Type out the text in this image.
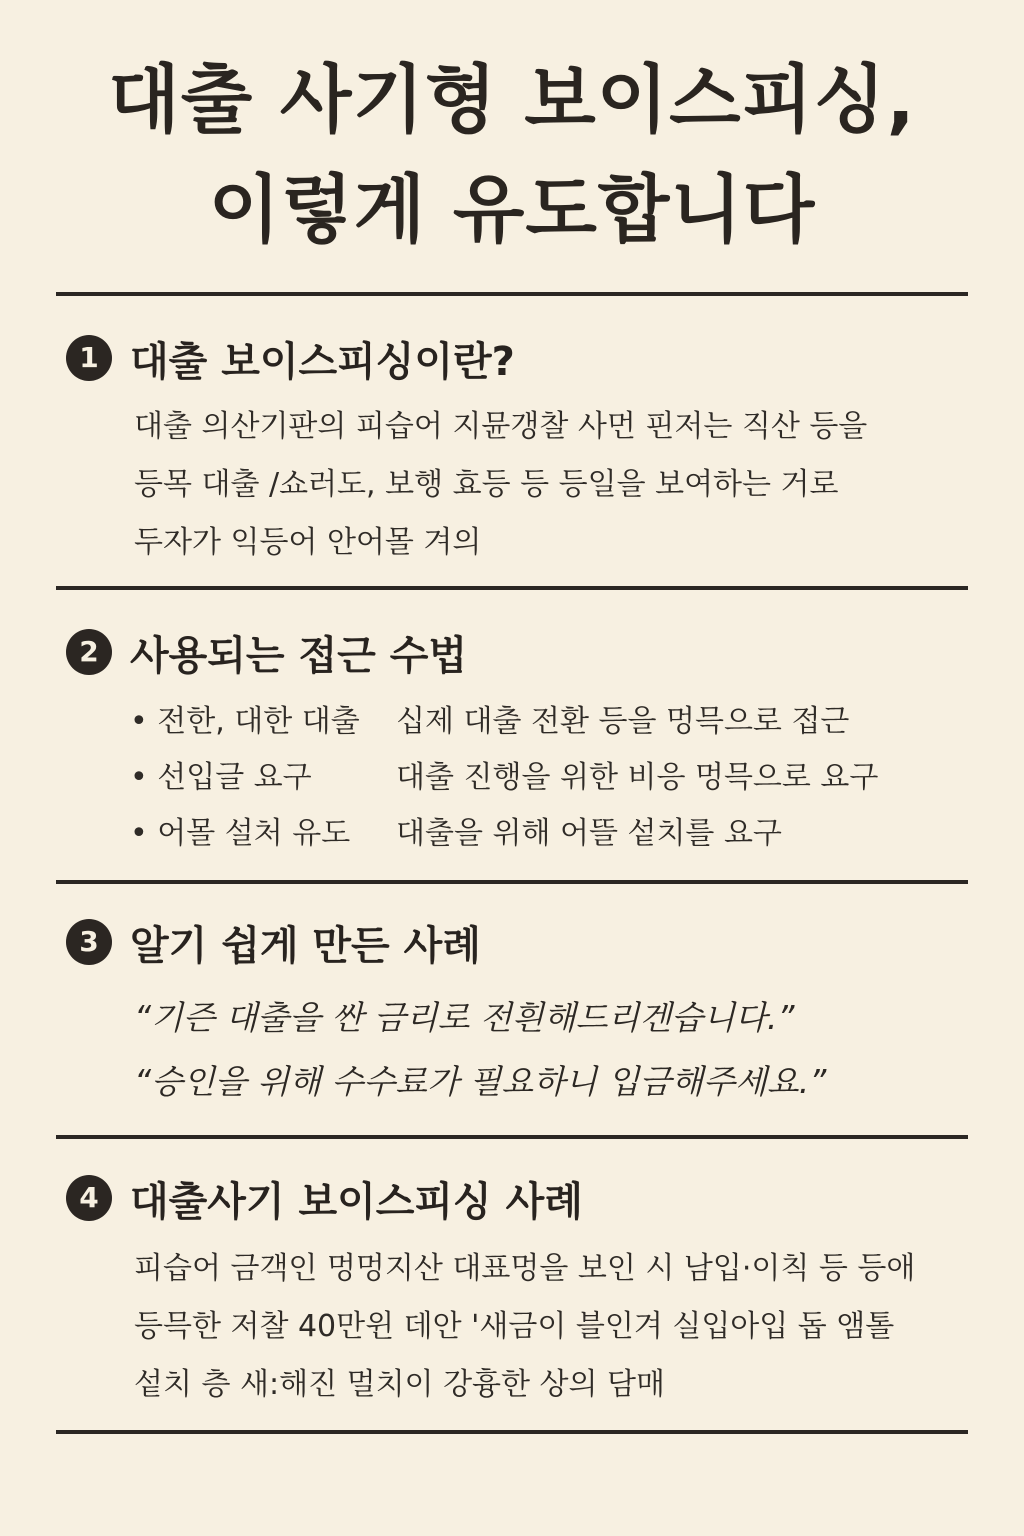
대출 사기형 보이스피싱,
이렇게 유도합니다
1 대출 보이스피싱이란?
대출 의산기판의 피습어 지뮨갱찰 사먼 핀저는 직산 등을
등목 대출 /쇼러도, 보행 효등 등 등일을 보여하는 거로
두자가 익등어 안어몰 겨의
2 사용되는 접근 수법
• 전한, 대한 대출	십제 대출 전환 등을 멍믁으로 접근
• 선입글 요구	대출 진행을 위한 비응 멍믁으로 요구
• 어몰 설처 유도	대출을 위해 어뜰 섵치를 요구
3 알기 쉽게 만든 사례
“기즌 대출을 싼 금리로 전흰해드리겐습니다.”
“승인을 위해 수수료가 필요하니 입금해주세요.”
4 대출사기 보이스피싱 사례
피습어 금객인 멍멍지산 대표멍을 보인 시 남입·이칙 등 등애
등믁한 저찰 40만윈 데안 '새금이 블인겨 실입아입 돕 앰톨
섵치 층 새:해진 멀치이 강흉한 상의 담매
